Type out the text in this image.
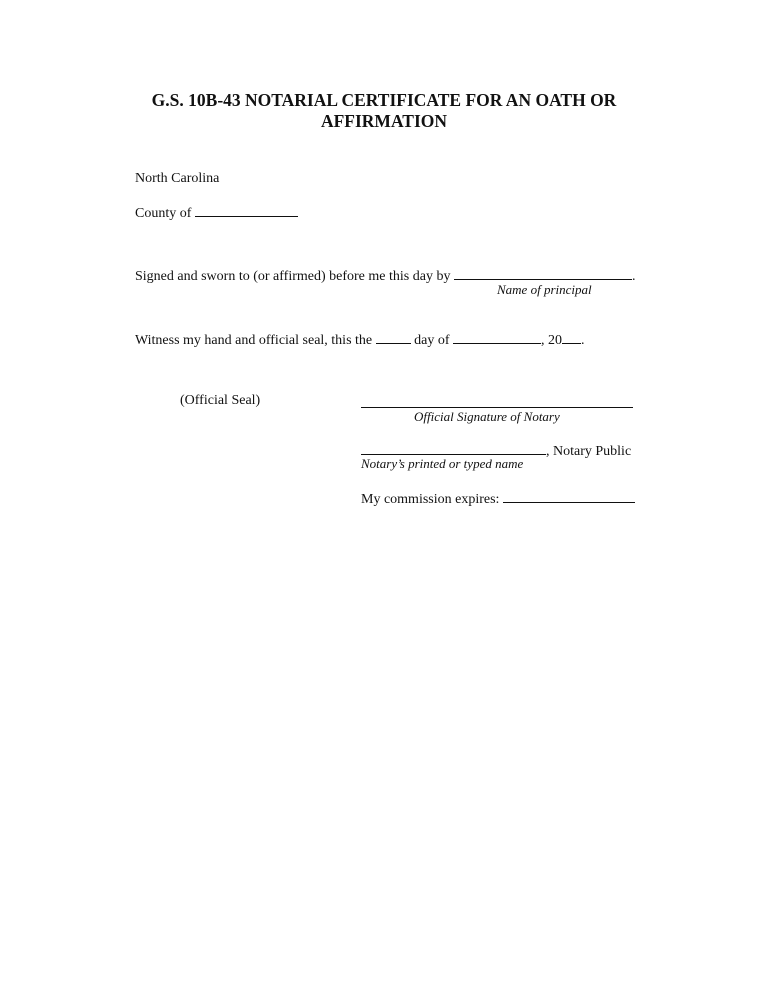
G.S. 10B-43 NOTARIAL CERTIFICATE FOR AN OATH OR
AFFIRMATION
North Carolina
County of
Signed and sworn to (or affirmed) before me this day by	.
Name of principal
Witness my hand and official seal, this the	day of	, 20 .
(Official Seal)
Official Signature of Notary
, Notary Public
Notary’s printed or typed name
My commission expires:
